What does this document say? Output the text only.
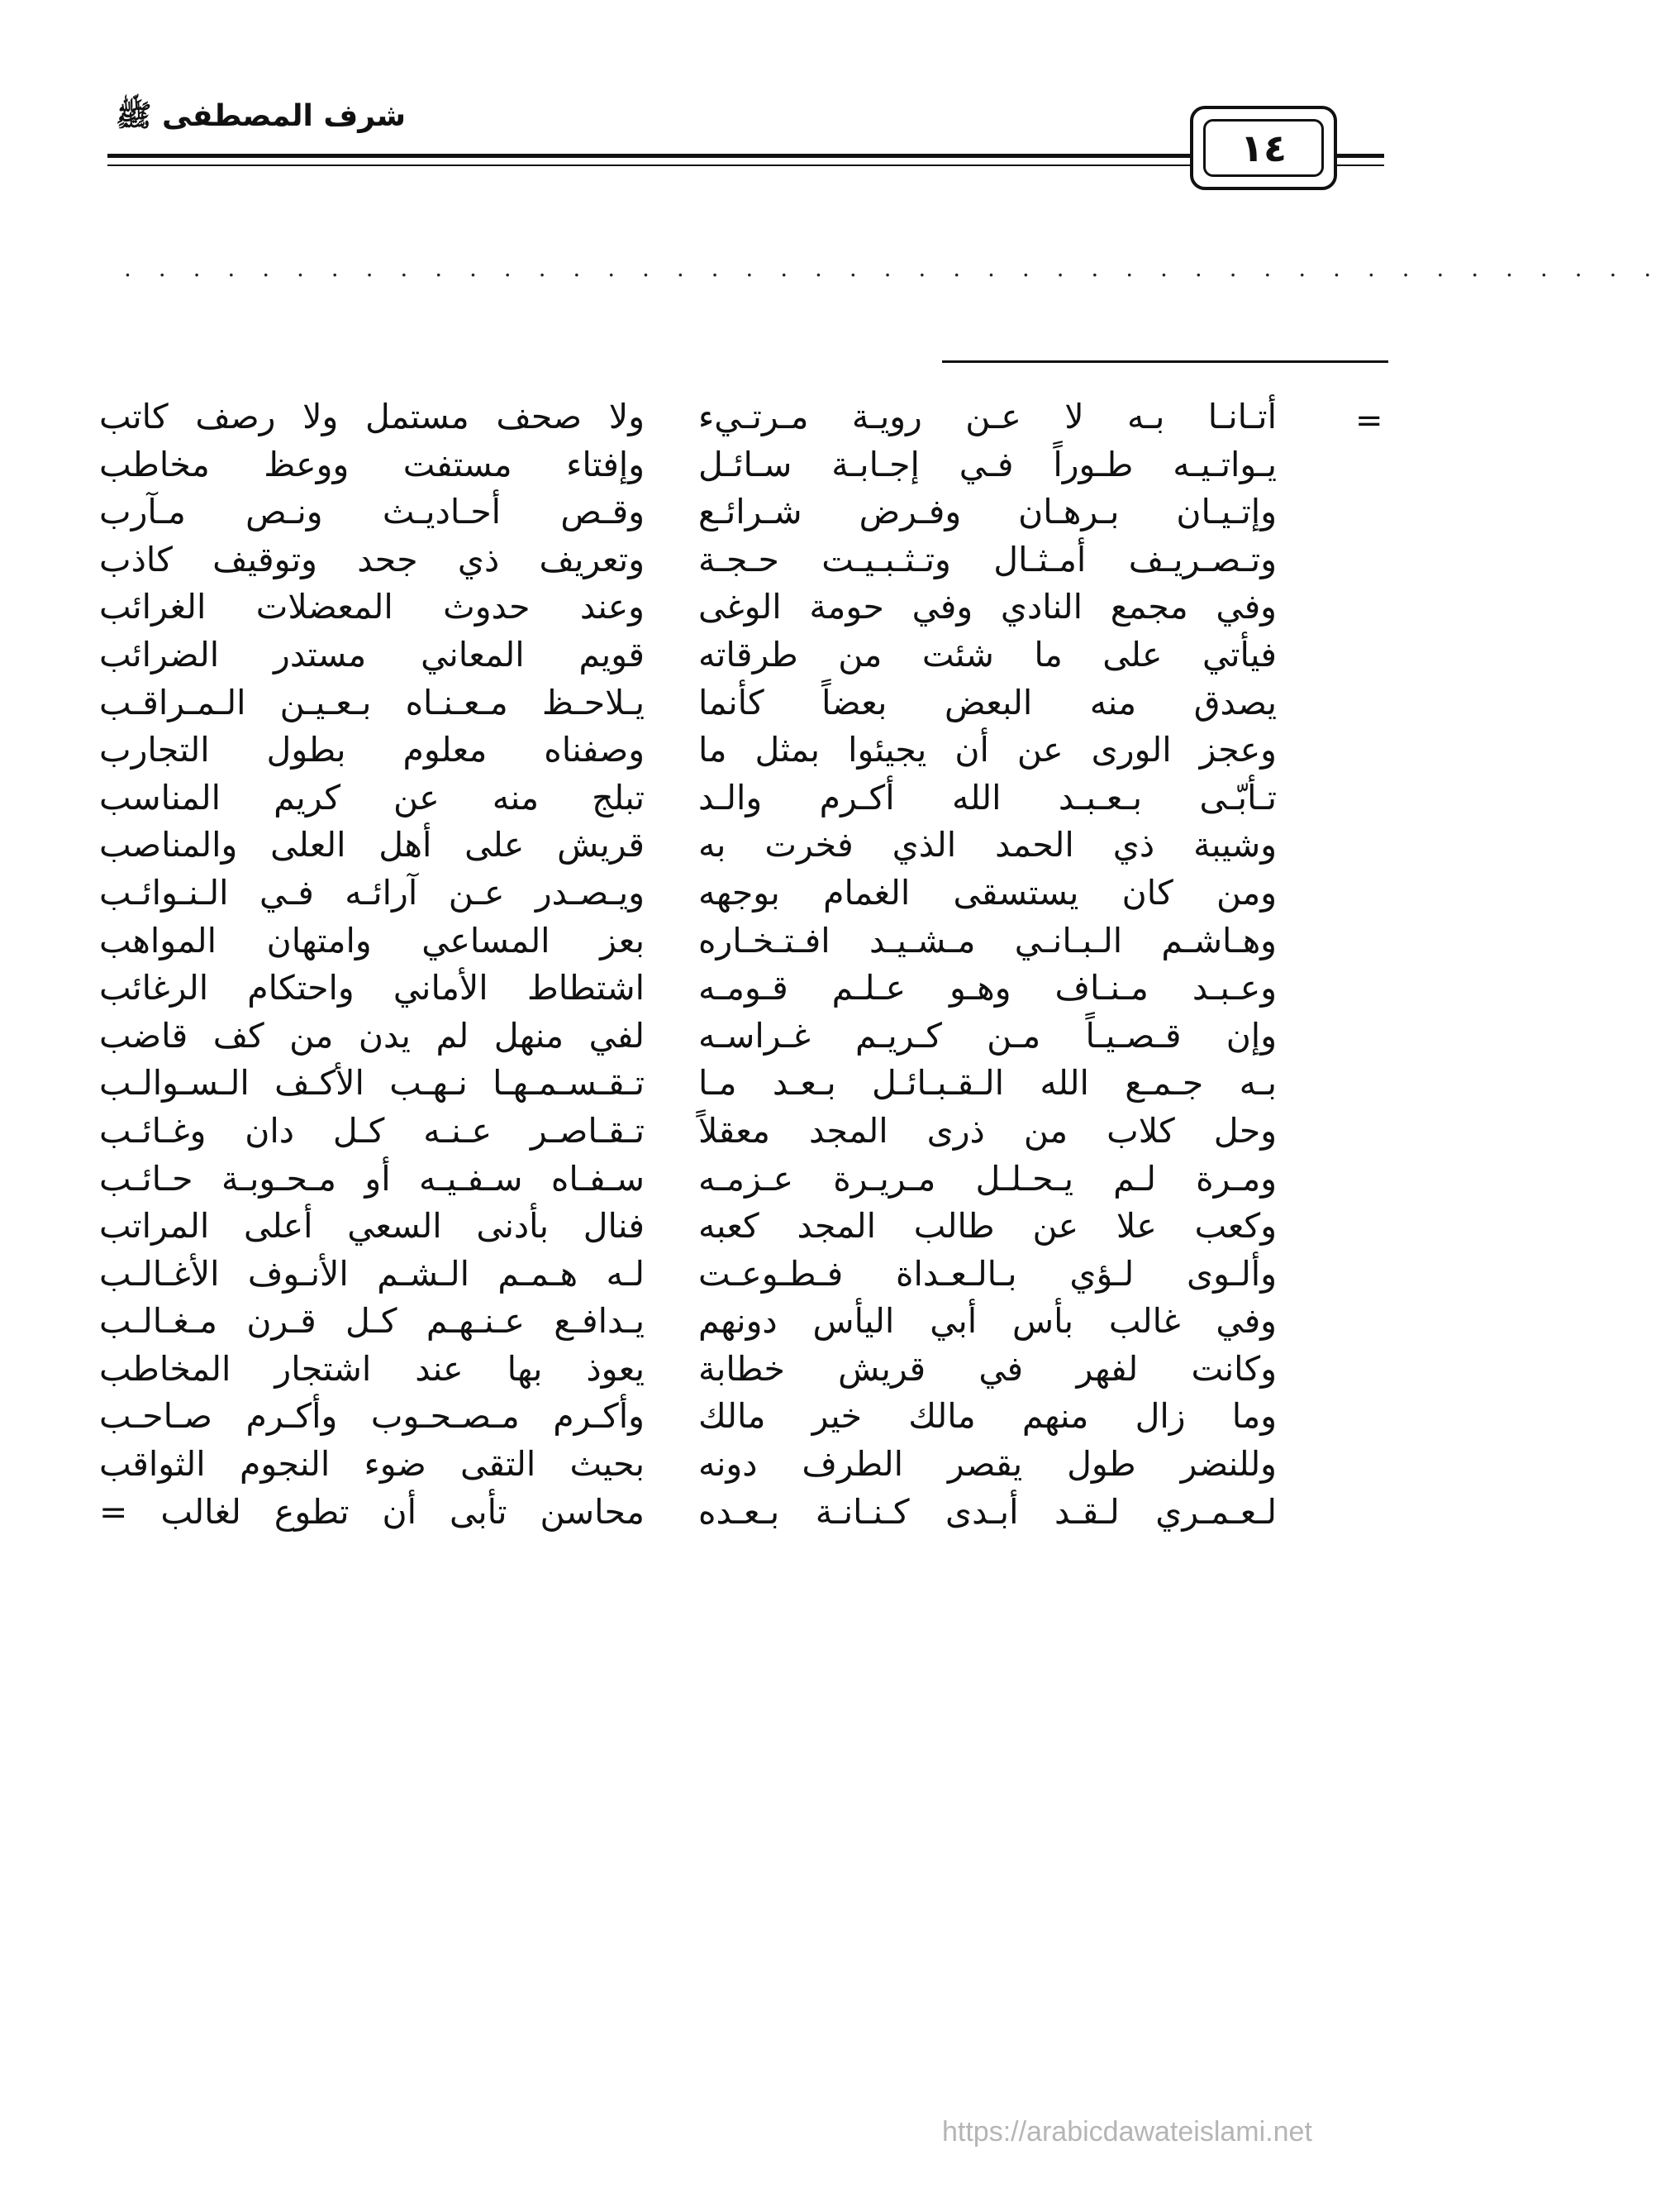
شرف المصطفى ﷺ
١٤
. . . . . . . . . . . . . . . . . . . . . . . . . . . . . . . . . . . . . . . . . . . . .
=
أتـانـا بـه لا عـن رويـة مـرتـيء
يـواتـيـه طـوراً فـي إجـابـة سـائـل
وإتـيـان بـرهـان وفـرض شـرائـع
وتـصـريـف أمـثـال وتـثـبـيـت حـجـة
وفي مجمع النادي وفي حومة الوغى
فيأتي على ما شئت من طرقاته
يصدق منه البعض بعضاً كأنما
وعجز الورى عن أن يجيئوا بمثل ما
تـأبّـى بـعـبـد الله أكـرم والـد
وشيبة ذي الحمد الذي فخرت به
ومن كان يستسقى الغمام بوجهه
وهـاشـم الـبـانـي مـشـيـد افـتـخـاره
وعـبـد مـنـاف وهـو عـلـم قـومـه
وإن قـصـيـاً مـن كـريـم غـراسـه
بـه جـمـع الله الـقـبـائـل بـعـد مـا
وحل كلاب من ذرى المجد معقلاً
ومـرة لـم يـحـلـل مـريـرة عـزمـه
وكعب علا عن طالب المجد كعبه
وألـوى لـؤي بـالـعـداة فـطـوعـت
وفي غالب بأس أبي اليأس دونهم
وكانت لفهر في قريش خطابة
وما زال منهم مالك خير مالك
وللنضر طول يقصر الطرف دونه
لـعـمـري لـقـد أبـدى كـنـانـة بـعـده
ولا صحف مستمل ولا رصف كاتب
وإفتاء مستفت ووعظ مخاطب
وقـص أحـاديـث ونـص مـآرب
وتعريف ذي جحد وتوقيف كاذب
وعند حدوث المعضلات الغرائب
قويم المعاني مستدر الضرائب
يـلاحـظ مـعـنـاه بـعـيـن الـمـراقـب
وصفناه معلوم بطول التجارب
تبلج منه عن كريم المناسب
قريش على أهل العلى والمناصب
ويـصـدر عـن آرائـه فـي الـنـوائـب
بعز المساعي وامتهان المواهب
اشتطاط الأماني واحتكام الرغائب
لفي منهل لم يدن من كف قاضب
تـقـسـمـهـا نـهـب الأكـف الـسـوالـب
تـقـاصـر عـنـه كـل دان وغـائـب
سـفـاه سـفـيـه أو مـحـوبـة حـائـب
فنال بأدنى السعي أعلى المراتب
لـه هـمـم الـشـم الأنـوف الأغـالـب
يـدافـع عـنـهـم كـل قـرن مـغـالـب
يعوذ بها عند اشتجار المخاطب
وأكـرم مـصـحـوب وأكـرم صـاحـب
بحيث التقى ضوء النجوم الثواقب
محاسن تأبى أن تطوع لغالب =
https://arabicdawateislami.net
